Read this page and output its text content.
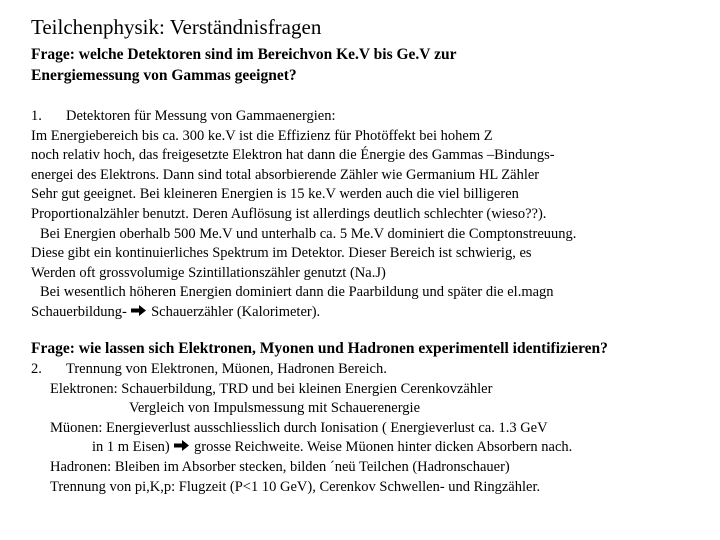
Teilchenphysik: Verständnisfragen
Frage: welche Detektoren sind im Bereichvon Ke.V bis Ge.V zur
Energiemessung von Gammas geeignet?
1. Detektoren für Messung von Gammaenergien:
Im Energiebereich bis ca. 300 ke.V ist die Effizienz für Photöffekt bei hohem Z
noch relativ hoch, das freigesetzte Elektron hat dann die Énergie des Gammas –Bindungs-
energei des Elektrons. Dann sind total absorbierende Zähler wie Germanium HL Zähler
Sehr gut geeignet. Bei kleineren Energien is 15 ke.V werden auch die viel billigeren
Proportionalzähler benutzt. Deren Auflösung ist allerdings deutlich schlechter (wieso??).
Bei Energien oberhalb 500 Me.V und unterhalb ca. 5 Me.V dominiert die Comptonstreuung.
Diese gibt ein kontinuierliches Spektrum im Detektor. Dieser Bereich ist schwierig, es
Werden oft grossvolumige Szintillationszähler genutzt (Na.J)
Bei wesentlich höheren Energien dominiert dann die Paarbildung und später die el.magn
Schauerbildung- Schauerzähler (Kalorimeter).
Frage: wie lassen sich Elektronen, Myonen und Hadronen experimentell identifizieren?
2. Trennung von Elektronen, Müonen, Hadronen Bereich.
Elektronen: Schauerbildung, TRD und bei kleinen Energien Cerenkovzähler
Vergleich von Impulsmessung mit Schauerenergie
Müonen: Energieverlust ausschliesslich durch Ionisation ( Energieverlust ca. 1.3 GeV
in 1 m Eisen) grosse Reichweite. Weise Müonen hinter dicken Absorbern nach.
Hadronen: Bleiben im Absorber stecken, bilden ´neü Teilchen (Hadronschauer)
Trennung von pi,K,p: Flugzeit (P<1 10 GeV), Cerenkov Schwellen- und Ringzähler.
